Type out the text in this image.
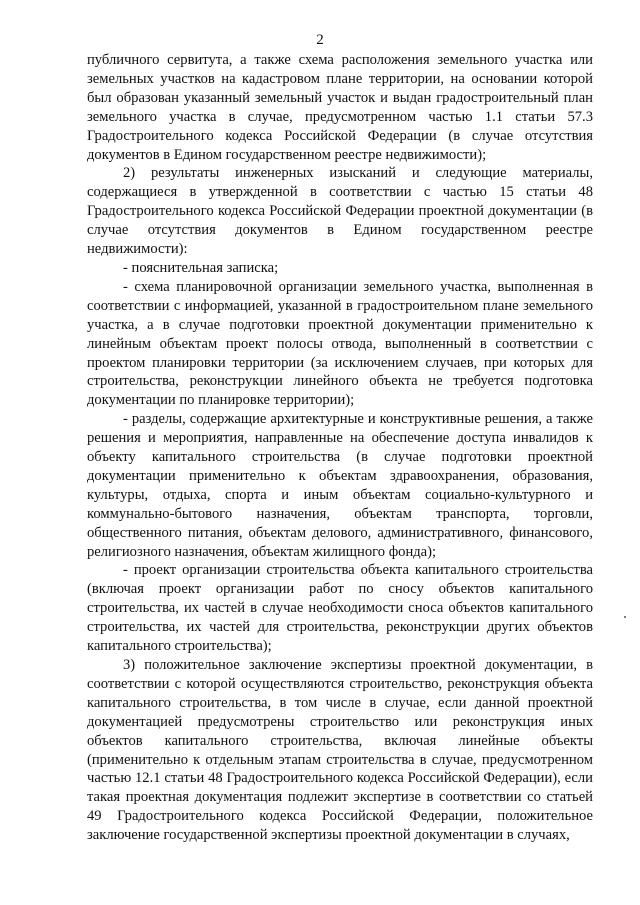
2

публичного сервитута, а также схема расположения земельного участка или земельных участков на кадастровом плане территории, на основании которой был образован указанный земельный участок и выдан градостроительный план земельного участка в случае, предусмотренном частью 1.1 статьи 57.3 Градостроительного кодекса Российской Федерации (в случае отсутствия документов в Едином государственном реестре недвижимости);

2) результаты инженерных изысканий и следующие материалы, содержащиеся в утвержденной в соответствии с частью 15 статьи 48 Градостроительного кодекса Российской Федерации проектной документации (в случае отсутствия документов в Едином государственном реестре недвижимости):

- пояснительная записка;

- схема планировочной организации земельного участка, выполненная в соответствии с информацией, указанной в градостроительном плане земельного участка, а в случае подготовки проектной документации применительно к линейным объектам проект полосы отвода, выполненный в соответствии с проектом планировки территории (за исключением случаев, при которых для строительства, реконструкции линейного объекта не требуется подготовка документации по планировке территории);

- разделы, содержащие архитектурные и конструктивные решения, а также решения и мероприятия, направленные на обеспечение доступа инвалидов к объекту капитального строительства (в случае подготовки проектной документации применительно к объектам здравоохранения, образования, культуры, отдыха, спорта и иным объектам социально-культурного и коммунально-бытового назначения, объектам транспорта, торговли, общественного питания, объектам делового, административного, финансового, религиозного назначения, объектам жилищного фонда);

- проект организации строительства объекта капитального строительства (включая проект организации работ по сносу объектов капитального строительства, их частей в случае необходимости сноса объектов капитального строительства, их частей для строительства, реконструкции других объектов капитального строительства);

3) положительное заключение экспертизы проектной документации, в соответствии с которой осуществляются строительство, реконструкция объекта капитального строительства, в том числе в случае, если данной проектной документацией предусмотрены строительство или реконструкция иных объектов капитального строительства, включая линейные объекты (применительно к отдельным этапам строительства в случае, предусмотренном частью 12.1 статьи 48 Градостроительного кодекса Российской Федерации), если такая проектная документация подлежит экспертизе в соответствии со статьей 49 Градостроительного кодекса Российской Федерации, положительное заключение государственной экспертизы проектной документации в случаях,
